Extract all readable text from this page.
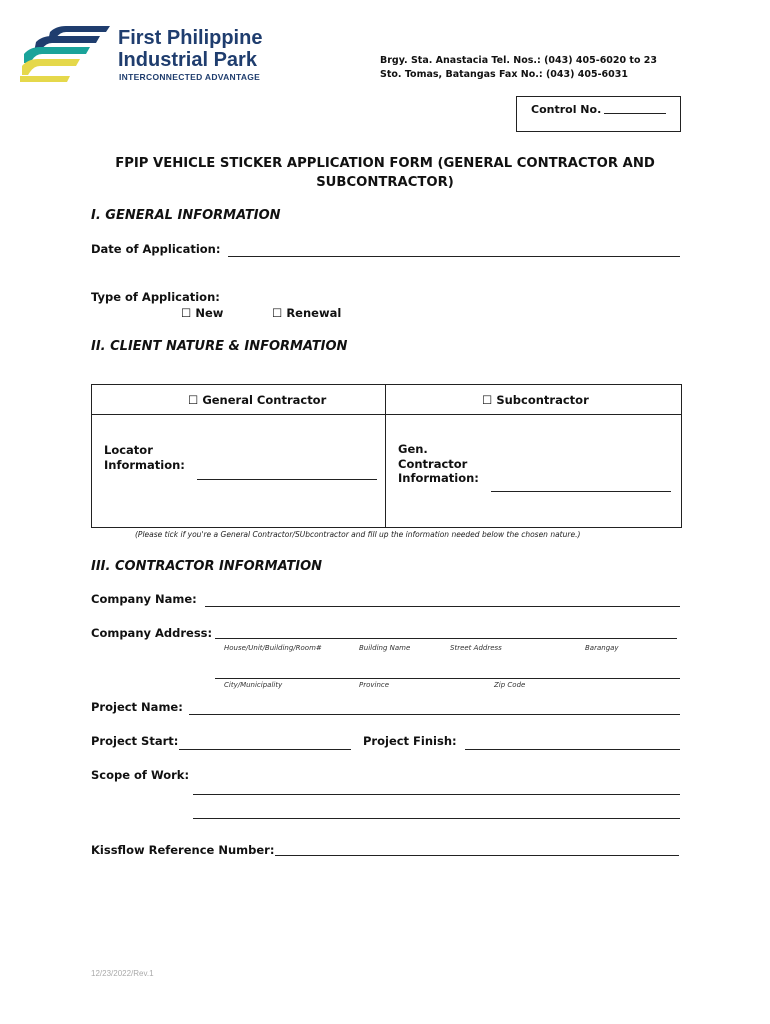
First Philippine
Industrial Park
INTERCONNECTED ADVANTAGE
Brgy. Sta. Anastacia Tel. Nos.: (043) 405-6020 to 23
Sto. Tomas, Batangas Fax No.: (043) 405-6031
Control No.
FPIP VEHICLE STICKER APPLICATION FORM (GENERAL CONTRACTOR AND
SUBCONTRACTOR)
I. GENERAL INFORMATION
Date of Application:
Type of Application:
☐ New	☐ Renewal
II. CLIENT NATURE & INFORMATION
☐ General Contractor	☐ Subcontractor
Locator
Information:
Gen.
Contractor
Information:
(Please tick if you're a General Contractor/SUbcontractor and fill up the information needed below the chosen nature.)
III. CONTRACTOR INFORMATION
Company Name:
Company Address:
House/Unit/Building/Room#	Building Name	Street Address	Barangay
City/Municipality	Province	Zip Code
Project Name:
Project Start:	Project Finish:
Scope of Work:
Kissflow Reference Number:
12/23/2022/Rev.1
